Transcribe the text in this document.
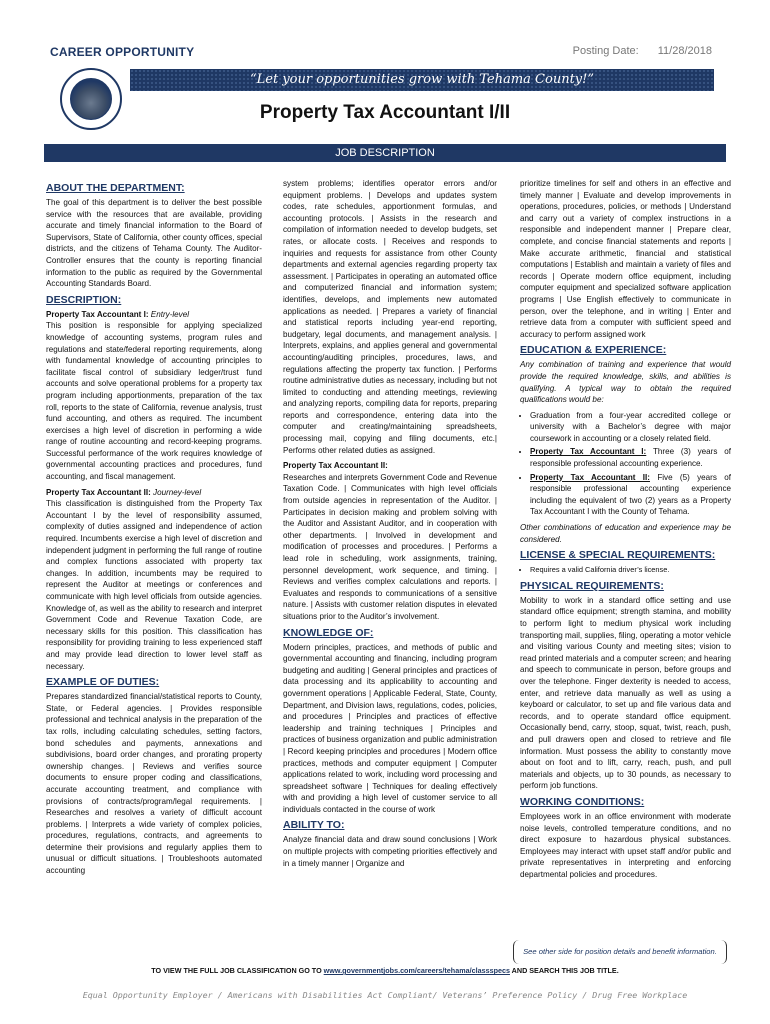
CAREER OPPORTUNITY	Posting Date: 11/28/2018
“Let your opportunities grow with Tehama County!”
Property Tax Accountant I/II
JOB DESCRIPTION
ABOUT THE DEPARTMENT:

The goal of this department is to deliver the best possible service with the resources that are available, providing accurate and timely financial information to the Board of Supervisors, State of California, other county offices, special districts, and the citizens of Tehama County. The Auditor-Controller ensures that the county is reporting financial information to the public as required by the Governmental Accounting Standards Board.

DESCRIPTION:
Property Tax Accountant I: Entry-level

This position is responsible for applying specialized knowledge of accounting systems, program rules and regulations and state/federal reporting requirements, along with fundamental knowledge of accounting principles to facilitate fiscal control of subsidiary ledger/trust fund accounts and solve operational problems for a property tax program including apportionments, preparation of the tax roll, reports to the state of California, revenue analysis, trust fund accounting, and others as required. The incumbent exercises a high level of discretion in performing a wide range of routine accounting and record-keeping programs. Successful performance of the work requires knowledge of governmental accounting practices and procedures, fund accounting, and fiscal management.

Property Tax Accountant II: Journey-level

This classification is distinguished from the Property Tax Accountant I by the level of responsibility assumed, complexity of duties assigned and independence of action required. Incumbents exercise a high level of discretion and independent judgment in performing the full range of routine and complex functions associated with property tax changes. In addition, incumbents may be required to represent the Auditor at meetings or conferences and communicate with high level officials from outside agencies. Knowledge of, as well as the ability to research and interpret Government Code and Revenue Taxation Code, are necessary skills for this position. This classification has responsibility for providing training to less experienced staff and may provide lead direction to lower level staff as necessary.

EXAMPLE OF DUTIES:

Prepares standardized financial/statistical reports to County, State, or Federal agencies. | Provides responsible professional and technical analysis in the preparation of the tax rolls, including calculating schedules, setting factors, bond schedules and payments, annexations and subdivisions, board order changes, and prorating property ownership changes. | Reviews and verifies source documents to ensure proper coding and classifications, accurate accounting treatment, and compliance with provisions of contracts/program/legal requirements. | Researches and resolves a variety of difficult account problems. | Interprets a wide variety of complex policies, procedures, regulations, contracts, and agreements to determine their provisions and regularly applies them to unusual or difficult situations. | Troubleshoots automated accounting

system problems; identifies operator errors and/or equipment problems. | Develops and updates system codes, rate schedules, apportionment formulas, and accounting protocols. | Assists in the research and compilation of information needed to develop budgets, set rates, or allocate costs. | Receives and responds to inquiries and requests for assistance from other County departments and external agencies regarding property tax assessment. | Participates in operating an automated office and computerized financial and information system; identifies, develops, and implements new automated applications as needed. | Prepares a variety of financial and statistical reports including year-end reporting, budgetary, legal documents, and management analysis. | Interprets, explains, and applies general and governmental accounting/auditing principles, procedures, laws, and regulations affecting the property tax function. | Performs routine administrative duties as necessary, including but not limited to conducting and attending meetings, reviewing and analyzing reports, compiling data for reports, preparing reports and correspondence, entering data into the computer and creating/maintaining spreadsheets, processing mail, copying and filing documents, etc.| Performs other related duties as assigned.

Property Tax Accountant II:

Researches and interprets Government Code and Revenue Taxation Code. | Communicates with high level officials from outside agencies in representation of the Auditor. | Participates in decision making and problem solving with the Auditor and Assistant Auditor, and in cooperation with other departments. | Involved in development and modification of processes and procedures. | Performs a lead role in scheduling, work assignments, training, personnel development, work sequence, and timing. | Reviews and verifies complex calculations and reports. | Evaluates and responds to communications of a sensitive nature. | Assists with customer relation disputes in elevated situations prior to the Auditor’s involvement.

KNOWLEDGE OF:

Modern principles, practices, and methods of public and governmental accounting and financing, including program budgeting and auditing | General principles and practices of data processing and its applicability to accounting and government operations | Applicable Federal, State, County, Department, and Division laws, regulations, codes, policies, and procedures | Principles and practices of effective leadership and training techniques | Principles and practices of business organization and public administration | Record keeping principles and procedures | Modern office practices, methods and computer equipment | Computer applications related to work, including word processing and spreadsheet software | Techniques for dealing effectively with and providing a high level of customer service to all individuals contacted in the course of work

ABILITY TO:

Analyze financial data and draw sound conclusions | Work on multiple projects with competing priorities effectively and in a timely manner | Organize and

prioritize timelines for self and others in an effective and timely manner | Evaluate and develop improvements in operations, procedures, policies, or methods | Understand and carry out a variety of complex instructions in a responsible and independent manner | Prepare clear, complete, and concise financial statements and reports | Make accurate arithmetic, financial and statistical computations | Establish and maintain a variety of files and records | Operate modern office equipment, including computer equipment and specialized software application programs | Use English effectively to communicate in person, over the telephone, and in writing | Enter and retrieve data from a computer with sufficient speed and accuracy to perform assigned work

EDUCATION & EXPERIENCE:

Any combination of training and experience that would provide the required knowledge, skills, and abilities is qualifying. A typical way to obtain the required qualifications would be:

• Graduation from a four-year accredited college or university with a Bachelor’s degree with major coursework in accounting or a closely related field.
• Property Tax Accountant I: Three (3) years of responsible professional accounting experience.
• Property Tax Accountant II: Five (5) years of responsible professional accounting experience including the equivalent of two (2) years as a Property Tax Accountant I with the County of Tehama.

Other combinations of education and experience may be considered.

LICENSE & SPECIAL REQUIREMENTS:
• Requires a valid California driver’s license.
PHYSICAL REQUIREMENTS:

Mobility to work in a standard office setting and use standard office equipment; strength stamina, and mobility to perform light to medium physical work including transporting mail, supplies, filing, operating a motor vehicle and visiting various County and meeting sites; vision to read printed materials and a computer screen; and hearing and speech to communicate in person, before groups and over the telephone. Finger dexterity is needed to access, enter, and retrieve data manually as well as using a keyboard or calculator, to set up and file various data and records, and to operate standard office equipment. Occasionally bend, carry, stoop, squat, twist, reach, push, and pull drawers open and closed to retrieve and file information. Must possess the ability to constantly move about on foot and to lift, carry, reach, push, and pull materials and objects, up to 30 pounds, as necessary to perform job functions.

WORKING CONDITIONS:

Employees work in an office environment with moderate noise levels, controlled temperature conditions, and no direct exposure to hazardous physical substances. Employees may interact with upset staff and/or public and private representatives in interpreting and enforcing departmental policies and procedures.

See other side for position details and benefit information.
TO VIEW THE FULL JOB CLASSIFICATION GO TO www.governmentjobs.com/careers/tehama/classspecs AND SEARCH THIS JOB TITLE.
Equal Opportunity Employer / Americans with Disabilities Act Compliant/ Veterans’ Preference Policy / Drug Free Workplace
